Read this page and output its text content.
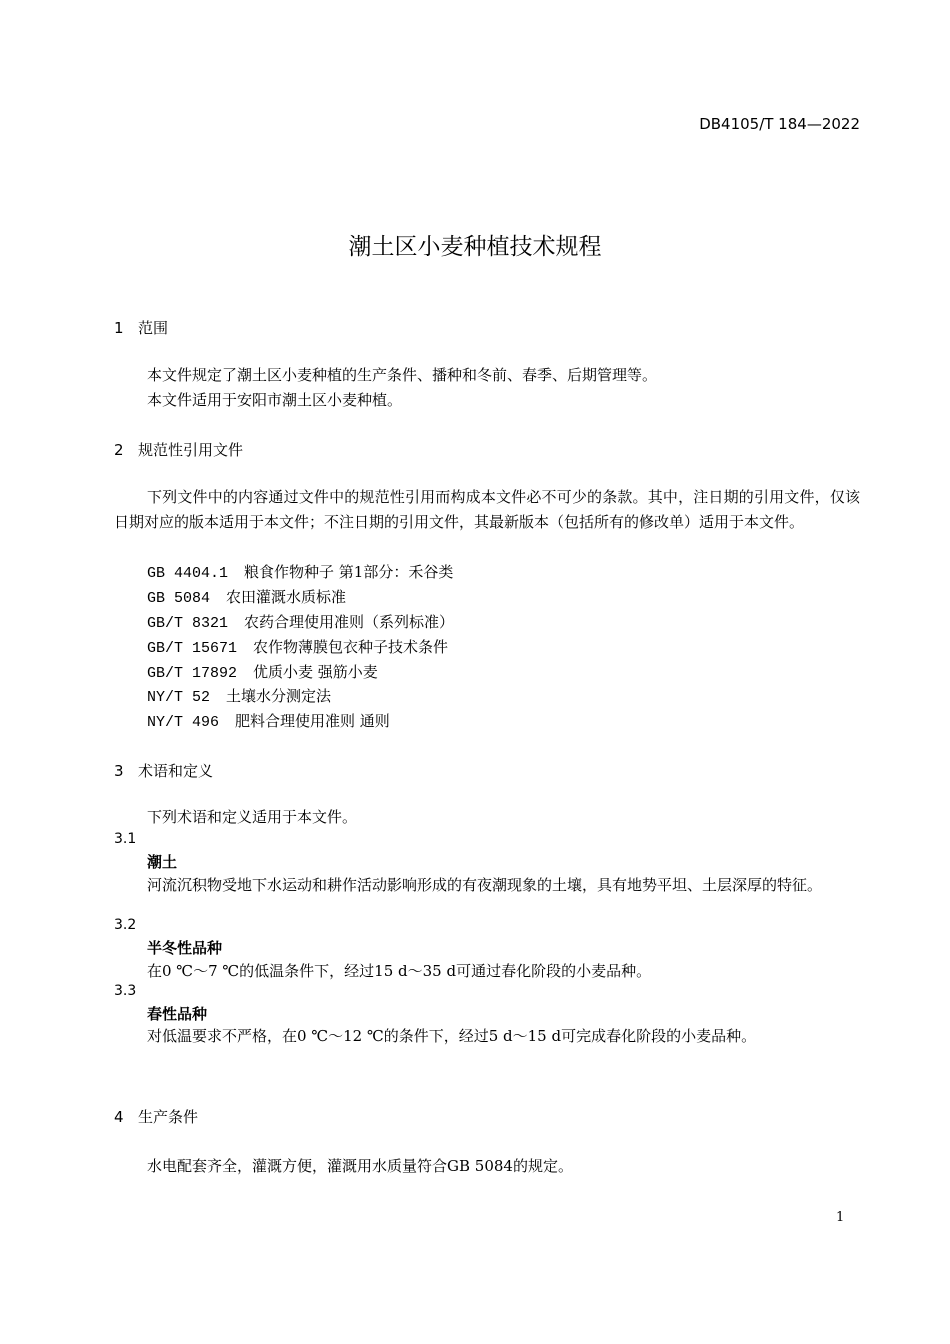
DB4105/T 184—2022
潮土区小麦种植技术规程
1 范围
本文件规定了潮土区小麦种植的生产条件、播种和冬前、春季、后期管理等。
本文件适用于安阳市潮土区小麦种植。
2 规范性引用文件
下列文件中的内容通过文件中的规范性引用而构成本文件必不可少的条款。其中，注日期的引用文件，仅该日期对应的版本适用于本文件；不注日期的引用文件，其最新版本（包括所有的修改单）适用于本文件。
GB 4404.1 粮食作物种子 第1部分：禾谷类
GB 5084 农田灌溉水质标准
GB/T 8321 农药合理使用准则（系列标准）
GB/T 15671 农作物薄膜包衣种子技术条件
GB/T 17892 优质小麦 强筋小麦
NY/T 52 土壤水分测定法
NY/T 496 肥料合理使用准则 通则
3 术语和定义
下列术语和定义适用于本文件。
3.1
潮土
河流沉积物受地下水运动和耕作活动影响形成的有夜潮现象的土壤，具有地势平坦、土层深厚的特征。
3.2
半冬性品种
在0 ℃～7 ℃的低温条件下，经过15 d～35 d可通过春化阶段的小麦品种。
3.3
春性品种
对低温要求不严格，在0 ℃～12 ℃的条件下，经过5 d～15 d可完成春化阶段的小麦品种。
4 生产条件
水电配套齐全，灌溉方便，灌溉用水质量符合GB 5084的规定。
1
